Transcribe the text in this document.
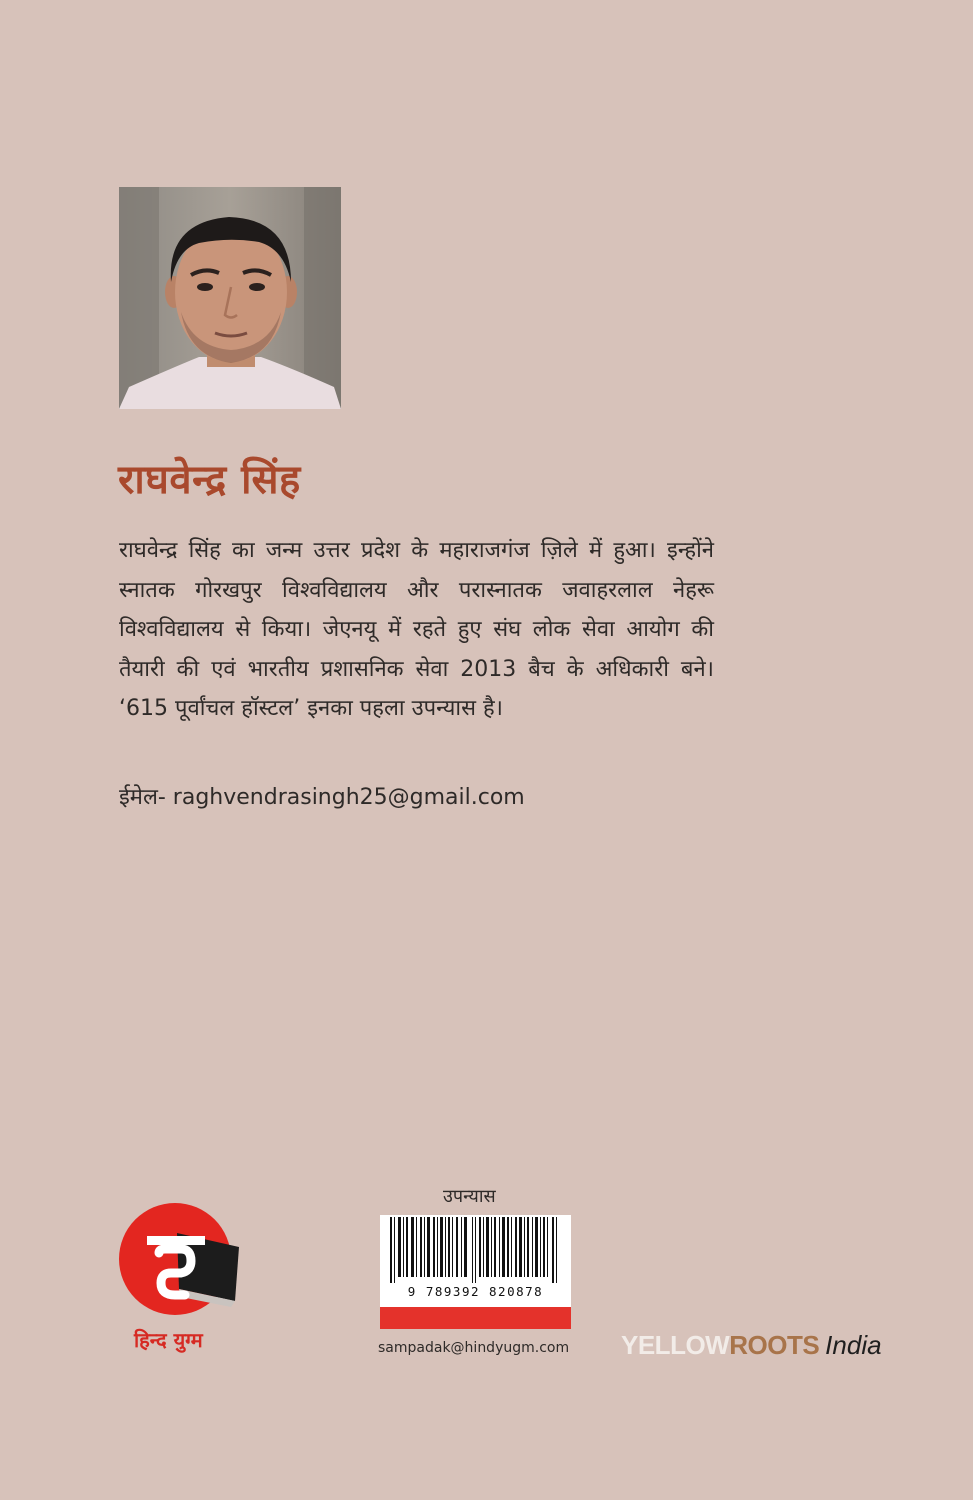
राघवेन्द्र सिंह
राघवेन्द्र सिंह का जन्म उत्तर प्रदेश के महाराजगंज ज़िले में हुआ। इन्होंने स्नातक गोरखपुर विश्वविद्यालय और परास्नातक जवाहरलाल नेहरू विश्वविद्यालय से किया। जेएनयू में रहते हुए संघ लोक सेवा आयोग की तैयारी की एवं भारतीय प्रशासनिक सेवा 2013 बैच के अधिकारी बने। ‘615 पूर्वांचल हॉस्टल’ इनका पहला उपन्यास है।
ईमेल- raghvendrasingh25@gmail.com
हिन्द युग्म
उपन्यास
9 789392 820878
sampadak@hindyugm.com YELLOWROOTS India
